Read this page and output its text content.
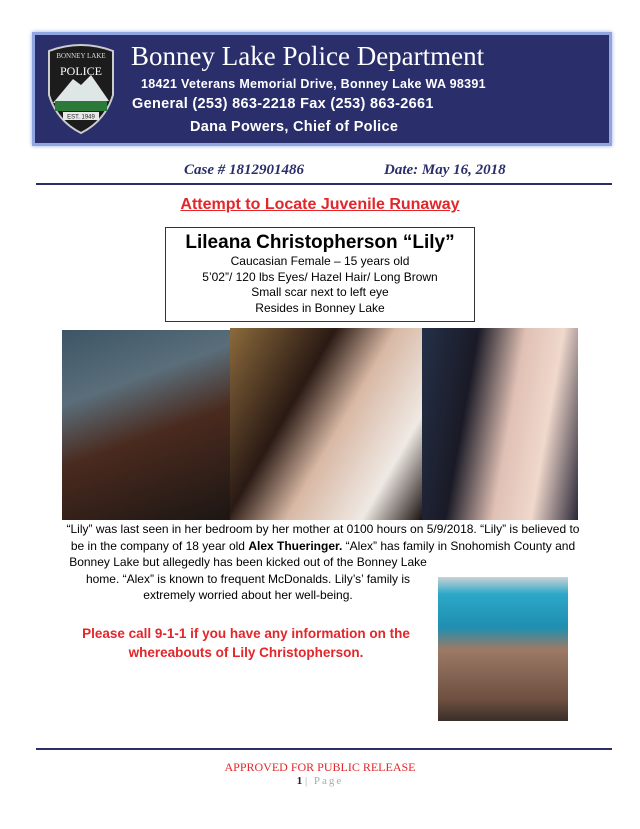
BONNEY LAKE
EST. 1949
POLICE Bonney Lake Police Department
18421 Veterans Memorial Drive, Bonney Lake WA 98391
General (253) 863-2218 Fax (253) 863-2661
Dana Powers, Chief of Police
Case # 1812901486	Date: May 16, 2018
Attempt to Locate Juvenile Runaway
Lileana Christopherson “Lily”
Caucasian Female – 15 years old
5’02”/ 120 lbs Eyes/ Hazel Hair/ Long Brown
Small scar next to left eye
Resides in Bonney Lake

“Lily” was last seen in her bedroom by her mother at 0100 hours on 5/9/2018. “Lily” is believed to be in the company of 18 year old Alex Thueringer. “Alex” has family in Snohomish County and Bonney Lake but allegedly has been kicked out of the Bonney Lake home. “Alex” is known to frequent McDonalds. Lily’s’ family is extremely worried about her well-being.

Please call 9-1-1 if you have any information on the whereabouts of Lily Christopherson.
APPROVED FOR PUBLIC RELEASE
1 | Page
